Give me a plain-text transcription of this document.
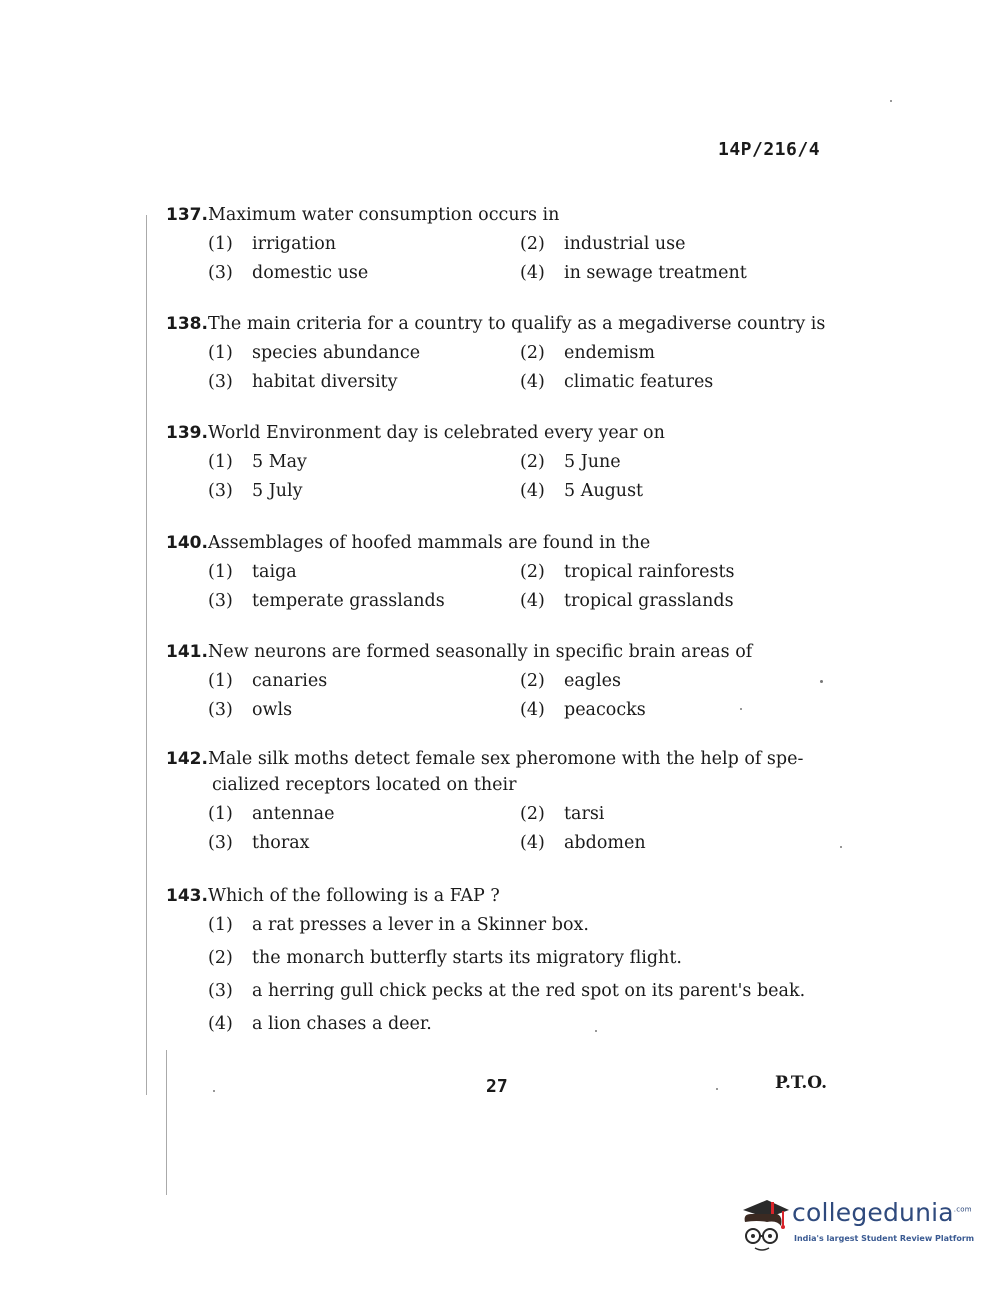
14P/216/4
137.Maximum water consumption occurs in
(1)	irrigation	(2)	industrial use
(3)	domestic use	(4)	in sewage treatment
138.The main criteria for a country to qualify as a megadiverse country is
(1)	species abundance	(2)	endemism
(3)	habitat diversity	(4)	climatic features
139.World Environment day is celebrated every year on
(1)	5 May	(2)	5 June
(3)	5 July	(4)	5 August
140.Assemblages of hoofed mammals are found in the
(1)	taiga	(2)	tropical rainforests
(3)	temperate grasslands	(4)	tropical grasslands
141.New neurons are formed seasonally in specific brain areas of
(1)	canaries	(2)	eagles
(3)	owls	(4)	peacocks
142.Male silk moths detect female sex pheromone with the help of spe-
cialized receptors located on their
(1)	antennae	(2)	tarsi
(3)	thorax	(4)	abdomen
143.Which of the following is a FAP ?
(1)	a rat presses a lever in a Skinner box.
(2)	the monarch butterfly starts its migratory flight.
(3)	a herring gull chick pecks at the red spot on its parent's beak.
(4)	a lion chases a deer.
27	P.T.O.
collegedunia$^{.com}$
India's largest Student Review Platform
